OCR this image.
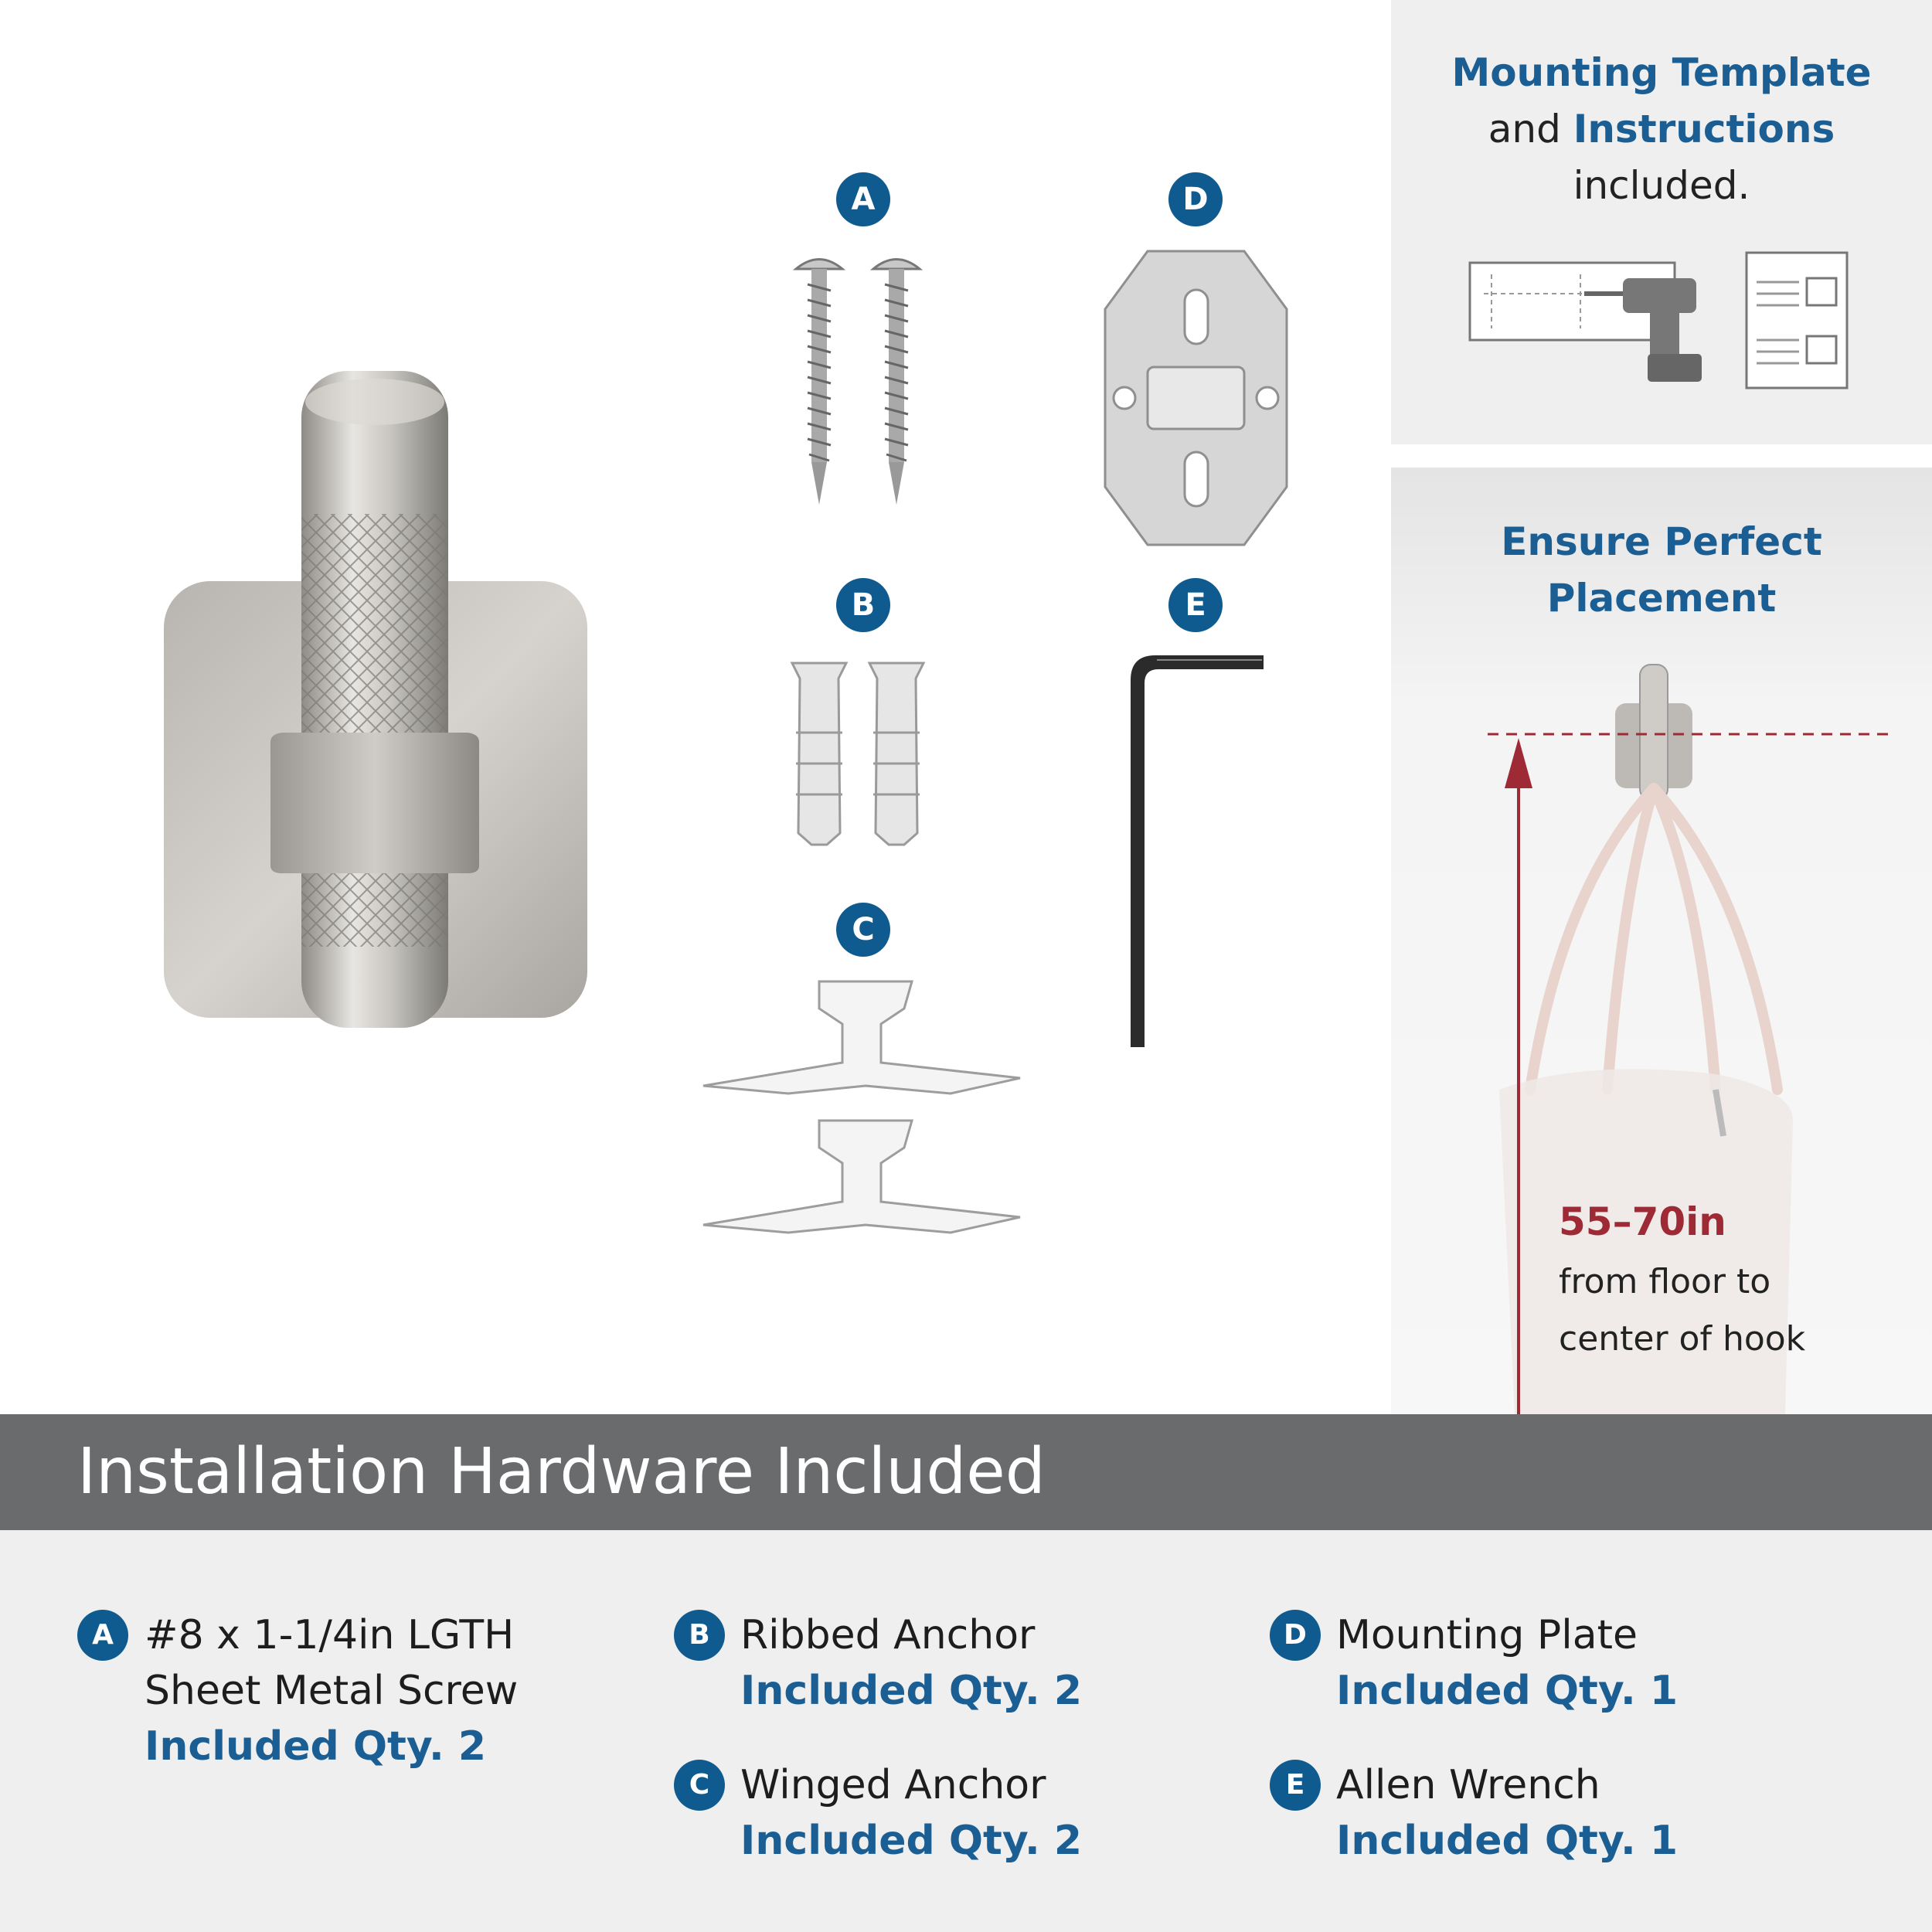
A
B
C
D
E
Mounting Template
and Instructions
included.
Ensure Perfect
Placement
55–70in
from floor to
center of hook
Installation Hardware Included
A #8 x 1-1/4in LGTH
Sheet Metal Screw
Included Qty. 2
B Ribbed Anchor
Included Qty. 2
C Winged Anchor
Included Qty. 2
D Mounting Plate
Included Qty. 1
E Allen Wrench
Included Qty. 1
